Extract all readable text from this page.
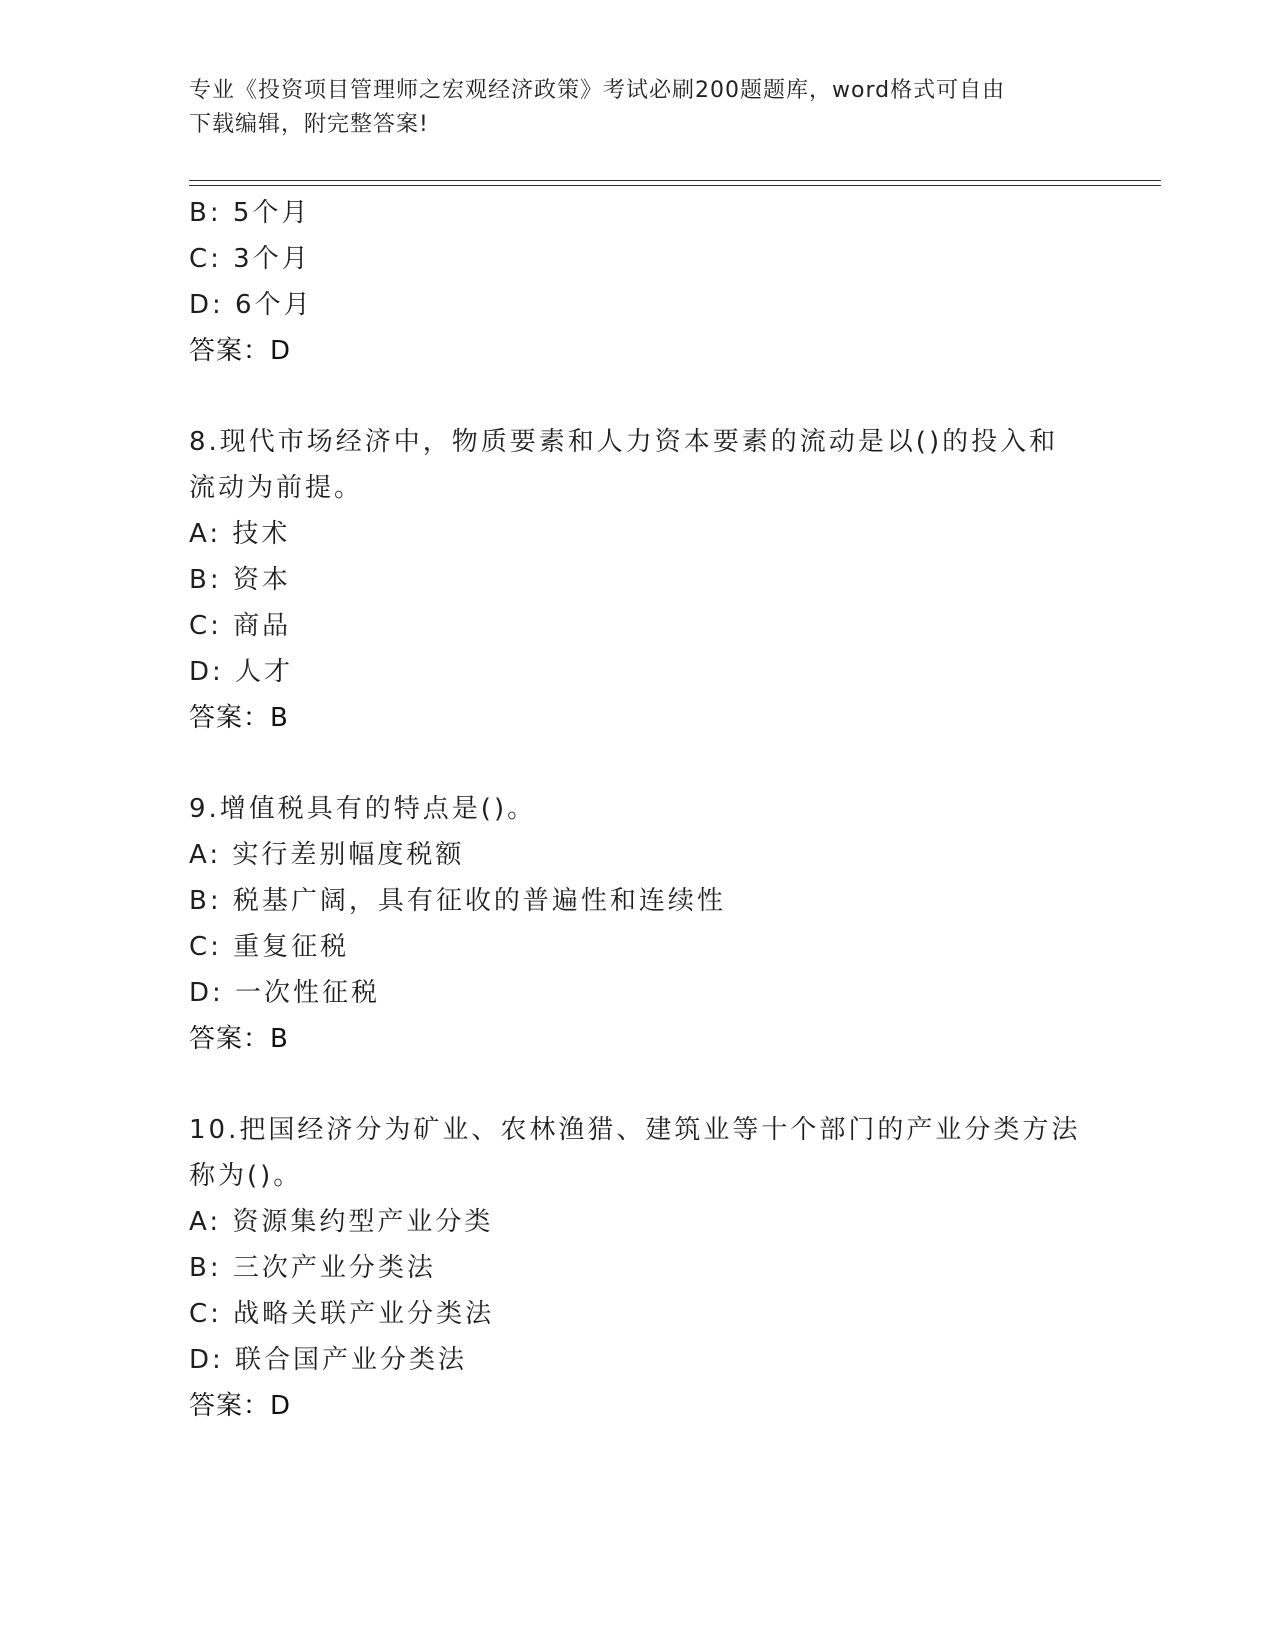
专业《投资项目管理师之宏观经济政策》考试必刷200题题库，word格式可自由
下载编辑，附完整答案!
B: 5个月
C: 3个月
D: 6个月
答案：D
8.现代市场经济中，物质要素和人力资本要素的流动是以()的投入和
流动为前提。
A: 技术
B: 资本
C: 商品
D: 人才
答案：B
9.增值税具有的特点是()。
A: 实行差别幅度税额
B: 税基广阔，具有征收的普遍性和连续性
C: 重复征税
D: 一次性征税
答案：B
10.把国经济分为矿业、农林渔猎、建筑业等十个部门的产业分类方法
称为()。
A: 资源集约型产业分类
B: 三次产业分类法
C: 战略关联产业分类法
D: 联合国产业分类法
答案：D
